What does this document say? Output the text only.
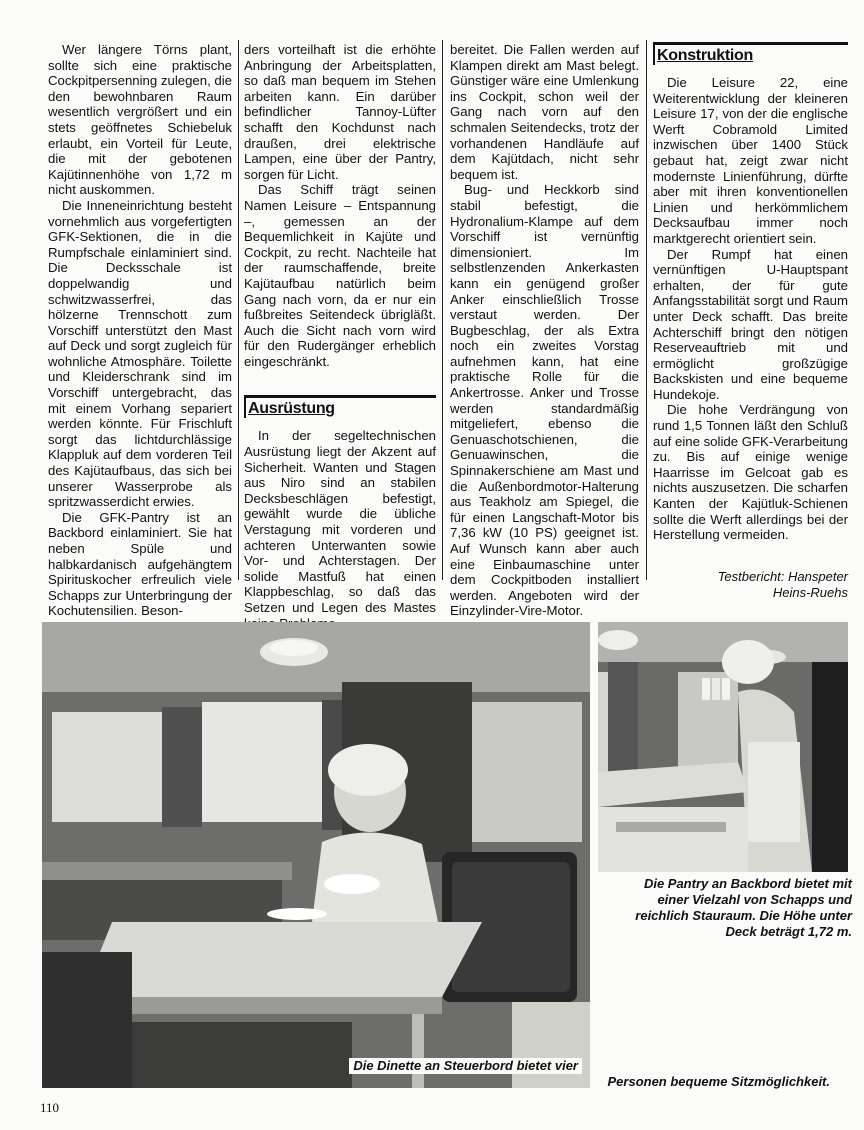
Wer längere Törns plant, sollte sich eine praktische Cockpitpersenning zulegen, die den bewohnbaren Raum wesentlich vergrößert und ein stets geöffnetes Schiebeluk erlaubt, ein Vorteil für Leute, die mit der gebotenen Kajütinnenhöhe von 1,72 m nicht auskommen.

Die Inneneinrichtung besteht vornehmlich aus vorgefertigten GFK-Sektionen, die in die Rumpfschale einlaminiert sind. Die Decksschale ist doppelwandig und schwitzwasserfrei, das hölzerne Trennschott zum Vorschiff unterstützt den Mast auf Deck und sorgt zugleich für wohnliche Atmosphäre. Toilette und Kleiderschrank sind im Vorschiff untergebracht, das mit einem Vorhang separiert werden könnte. Für Frischluft sorgt das lichtdurchlässige Klappluk auf dem vorderen Teil des Kajütaufbaus, das sich bei unserer Wasserprobe als spritzwasserdicht erwies.

Die GFK-Pantry ist an Backbord einlaminiert. Sie hat neben Spüle und halbkardanisch aufgehängtem Spirituskocher erfreulich viele Schapps zur Unterbringung der Kochutensilien. Beson-

ders vorteilhaft ist die erhöhte Anbringung der Arbeitsplatten, so daß man bequem im Stehen arbeiten kann. Ein darüber befindlicher Tannoy-Lüfter schafft den Kochdunst nach draußen, drei elektrische Lampen, eine über der Pantry, sorgen für Licht.

Das Schiff trägt seinen Namen Leisure – Entspannung –, gemessen an der Bequemlichkeit in Kajüte und Cockpit, zu recht. Nachteile hat der raumschaffende, breite Kajütaufbau natürlich beim Gang nach vorn, da er nur ein fußbreites Seitendeck übrigläßt. Auch die Sicht nach vorn wird für den Rudergänger erheblich eingeschränkt.

Ausrüstung

In der segeltechnischen Ausrüstung liegt der Akzent auf Sicherheit. Wanten und Stagen aus Niro sind an stabilen Decksbeschlägen befestigt, gewählt wurde die übliche Verstagung mit vorderen und achteren Unterwanten sowie Vor- und Achterstagen. Der solide Mastfuß hat einen Klappbeschlag, so daß das Setzen und Legen des Mastes

bereitet. Die Fallen werden auf Klampen direkt am Mast belegt. Günstiger wäre eine Umlenkung ins Cockpit, schon weil der Gang nach vorn auf den schmalen Seitendecks, trotz der vorhandenen Handläufe auf dem Kajütdach, nicht sehr bequem ist.

Bug- und Heckkorb sind stabil befestigt, die Hydronalium-Klampe auf dem Vorschiff ist vernünftig dimensioniert. Im selbstlenzenden Ankerkasten kann ein genügend großer Anker einschließlich Trosse verstaut werden. Der Bugbeschlag, der als Extra noch ein zweites Vorstag aufnehmen kann, hat eine praktische Rolle für die Ankertrosse. Anker und Trosse werden standardmäßig mitgeliefert, ebenso die Genuaschotschienen, die Genuawinschen, die Spinnakerschiene am Mast und die Außenbordmotor-Halterung aus Teakholz am Spiegel, die für einen Langschaft-Motor bis 7,36 kW (10 PS) geeignet ist. Auf Wunsch kann aber auch eine Einbaumaschine unter dem Cockpitboden installiert werden. Angeboten wird der Einzylinder-Vire-Motor.

Konstruktion

Die Leisure 22, eine Weiterentwicklung der kleineren Leisure 17, von der die englische Werft Cobramold Limited inzwischen über 1400 Stück gebaut hat, zeigt zwar nicht modernste Linienführung, dürfte aber mit ihren konventionellen Linien und herkömmlichem Decksaufbau immer noch marktgerecht orientiert sein.

Der Rumpf hat einen vernünftigen U-Hauptspant erhalten, der für gute Anfangsstabilität sorgt und Raum unter Deck schafft. Das breite Achterschiff bringt den nötigen Reserveauftrieb mit und ermöglicht großzügige Backskisten und eine bequeme Hundekoje.

Die hohe Verdrängung von rund 1,5 Tonnen läßt den Schluß auf eine solide GFK-Verarbeitung zu. Bis auf einige wenige Haarrisse im Gelcoat gab es nichts auszusetzen. Die scharfen Kanten der Kajütluk-Schienen sollte die Werft allerdings bei der Herstellung vermeiden.

Testbericht: Hanspeter
Heins-Ruehs
Die Dinette an Steuerbord bietet vier
Personen bequeme Sitzmöglichkeit.
Die Pantry an Backbord bietet mit
einer Vielzahl von Schapps und
reichlich Stauraum. Die Höhe unter
Deck beträgt 1,72 m.
110
